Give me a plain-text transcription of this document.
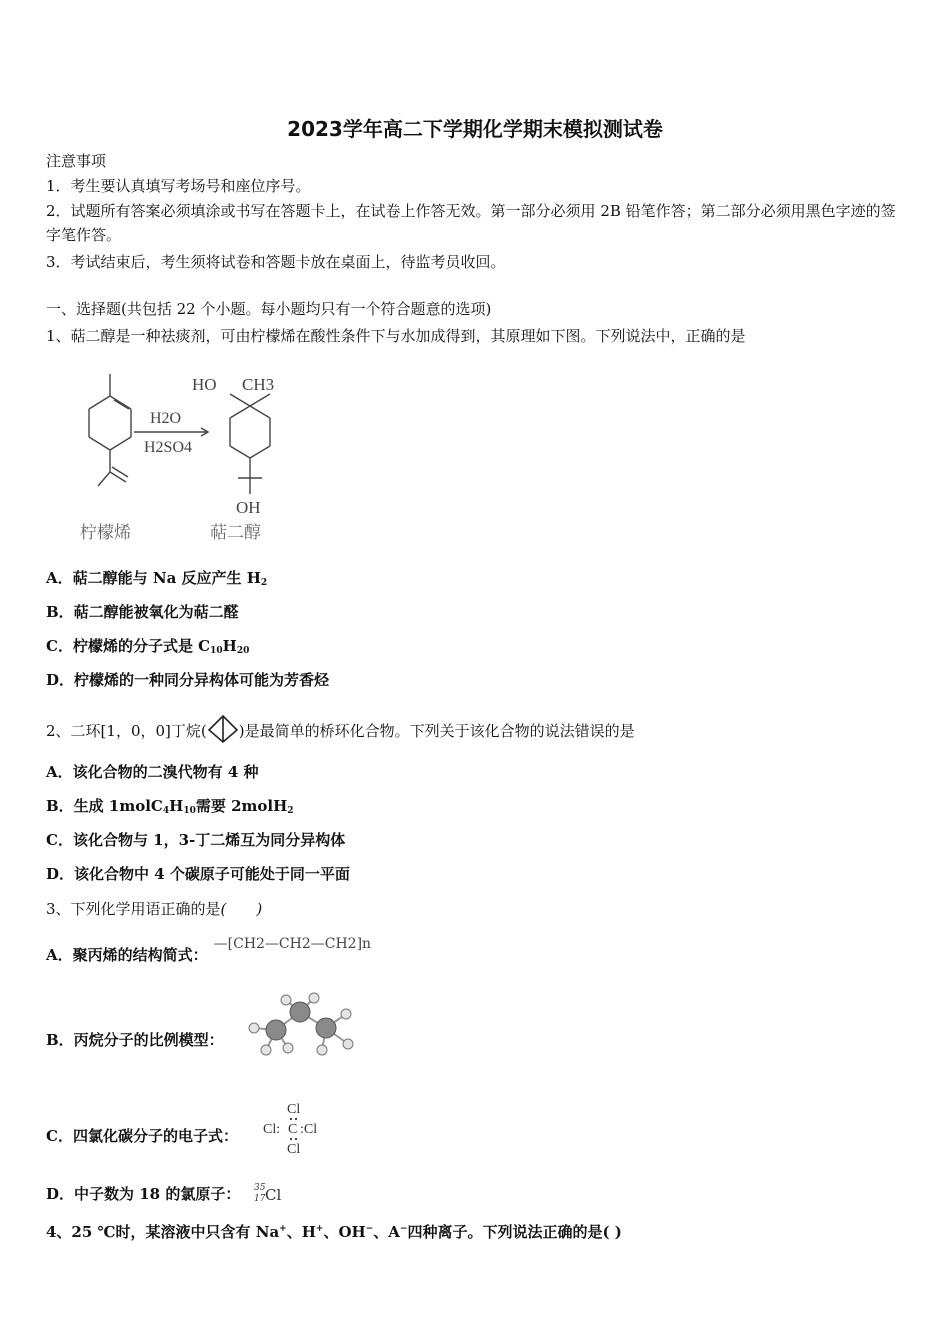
2023学年高二下学期化学期末模拟测试卷
注意事项
1．考生要认真填写考场号和座位序号。
2．试题所有答案必须填涂或书写在答题卡上，在试卷上作答无效。第一部分必须用 2B 铅笔作答；第二部分必须用黑色字迹的签字笔作答。
3．考试结束后，考生须将试卷和答题卡放在桌面上，待监考员收回。
一、选择题(共包括 22 个小题。每小题均只有一个符合题意的选项)
1、萜二醇是一种祛痰剂，可由柠檬烯在酸性条件下与水加成得到，其原理如下图。下列说法中，正确的是
H2O
H2SO4
HO CH3
OH
柠檬烯	萜二醇
A．萜二醇能与 Na 反应产生 $H_2$
B．萜二醇能被氧化为萜二醛
C．柠檬烯的分子式是 $C_{10}H_{20}$
D．柠檬烯的一种同分异构体可能为芳香烃
2、二环[1，0，0]丁烷( )是最简单的桥环化合物。下列关于该化合物的说法错误的是
A．该化合物的二溴代物有 4 种
B．生成 $1molC_4H_{10}$需要 2molH$_2$
C．该化合物与 1，3-丁二烯互为同分异构体
D．该化合物中 4 个碳原子可能处于同一平面
3、下列化学用语正确的是(　　)
A．聚丙烯的结构简式：—[CH2—CH2—CH2]n
B．丙烷分子的比例模型：
C．四氯化碳分子的电子式：
Cl
Cl: C :Cl
Cl
D．中子数为 18 的氯原子： 35
17 Cl
4、25 ℃时，某溶液中只含有 Na+、H+、OH−、A−四种离子。下列说法正确的是( )
